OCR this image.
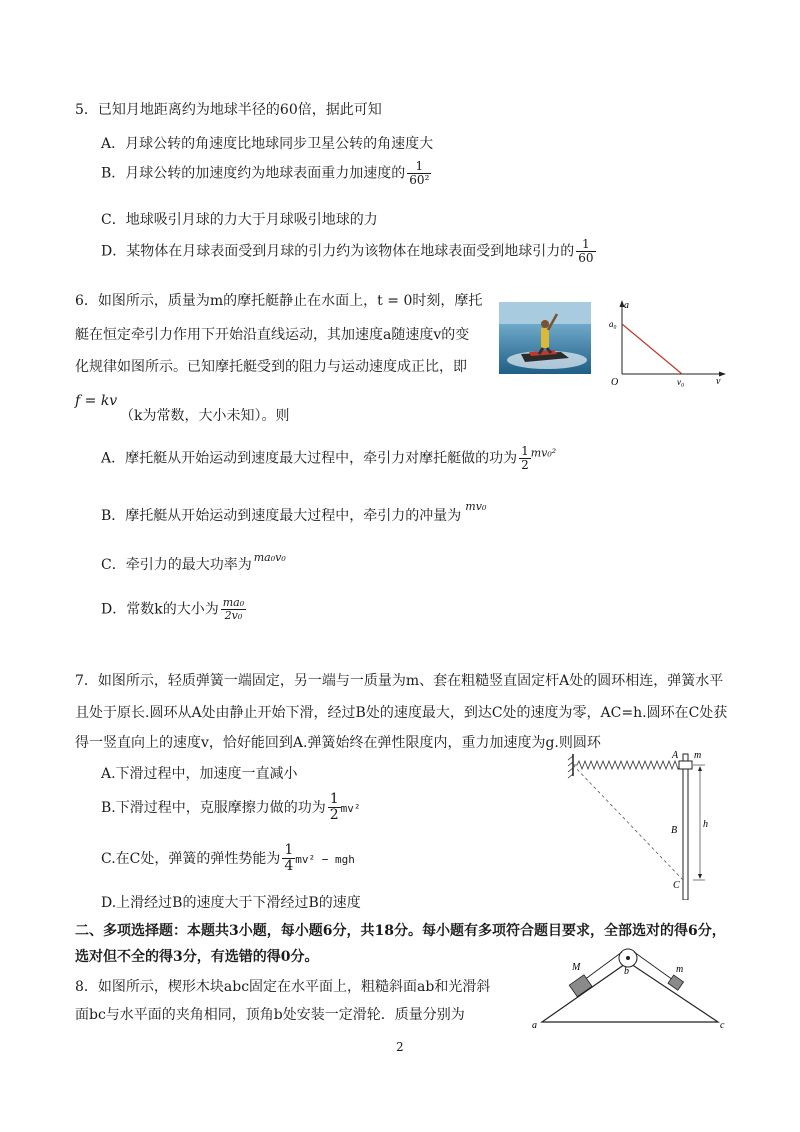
5．已知月地距离约为地球半径的60倍，据此可知
A．月球公转的角速度比地球同步卫星公转的角速度大
B．月球公转的加速度约为地球表面重力加速度的 $\frac{1}{\text{60²}}$
C．地球吸引月球的力大于月球吸引地球的力
D．某物体在月球表面受到月球的引力约为该物体在地球表面受到地球引力的 $\frac{1}{60}$
6．如图所示，质量为m的摩托艇静止在水面上，t = 0时刻，摩托
艇在恒定牵引力作用下开始沿直线运动，其加速度a随速度v的变
化规律如图所示。已知摩托艇受到的阻力与运动速度成正比，即
f = kv
（k为常数，大小未知）。则
a
v
O
a₀
v₀
A．摩托艇从开始运动到速度最大过程中，牵引力对摩托艇做的功为 $\frac{1}{2} ^{mv_0^2}$
B．摩托艇从开始运动到速度最大过程中，牵引力的冲量为$^{mv_0}$
C．牵引力的最大功率为 $^{ma_0v_0}$
D．常数k的大小为 $\frac{\text{ma₀}}{\text{2v₀}}$
7．如图所示，轻质弹簧一端固定，另一端与一质量为m、套在粗糙竖直固定杆A处的圆环相连，弹簧水平
且处于原长.圆环从A处由静止开始下滑，经过B处的速度最大，到达C处的速度为零，AC=h.圆环在C处获
得一竖直向上的速度v，恰好能回到A.弹簧始终在弹性限度内，重力加速度为g.则圆环
A.下滑过程中，加速度一直减小
B.下滑过程中，克服摩擦力做的功为 $\frac{1}{2} mv^2$
C.在C处，弹簧的弹性势能为 $\frac{1}{4} mv^2$ − mgh
D.上滑经过B的速度大于下滑经过B的速度
A m
B
C
h
二、多项选择题：本题共3小题，每小题6分，共18分。每小题有多项符合题目要求，全部选对的得6分，
选对但不全的得3分，有选错的得0分。
8．如图所示，楔形木块abc固定在水平面上，粗糙斜面ab和光滑斜
面bc与水平面的夹角相同，顶角b处安装一定滑轮．质量分别为
M	m
a
b
c
2
